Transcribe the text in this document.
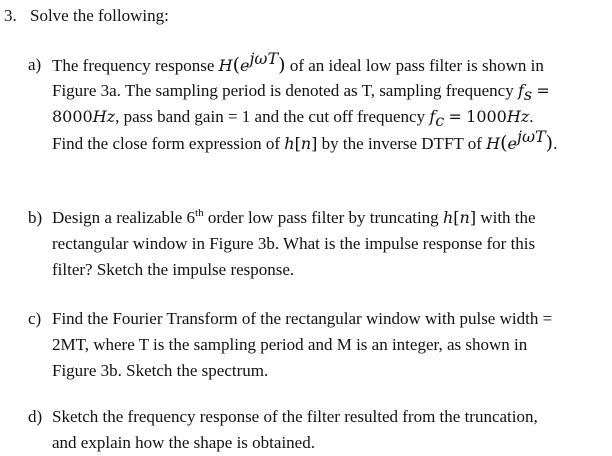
3. Solve the following:
a) The frequency response $H(e^{j\omega T})$ of an ideal low pass filter is shown in
Figure 3a. The sampling period is denoted as T, sampling frequency $f_s$ =
8000Hz, pass band gain = 1 and the cut off frequency $f_c = 1000Hz$.
Find the close form expression of h[n] by the inverse DTFT of $H(e^{j\omega T})$.
b) Design a realizable 6th order low pass filter by truncating h[n] with the
rectangular window in Figure 3b. What is the impulse response for this
filter? Sketch the impulse response.
c) Find the Fourier Transform of the rectangular window with pulse width =
2MT, where T is the sampling period and M is an integer, as shown in
Figure 3b. Sketch the spectrum.
d) Sketch the frequency response of the filter resulted from the truncation,
and explain how the shape is obtained.
